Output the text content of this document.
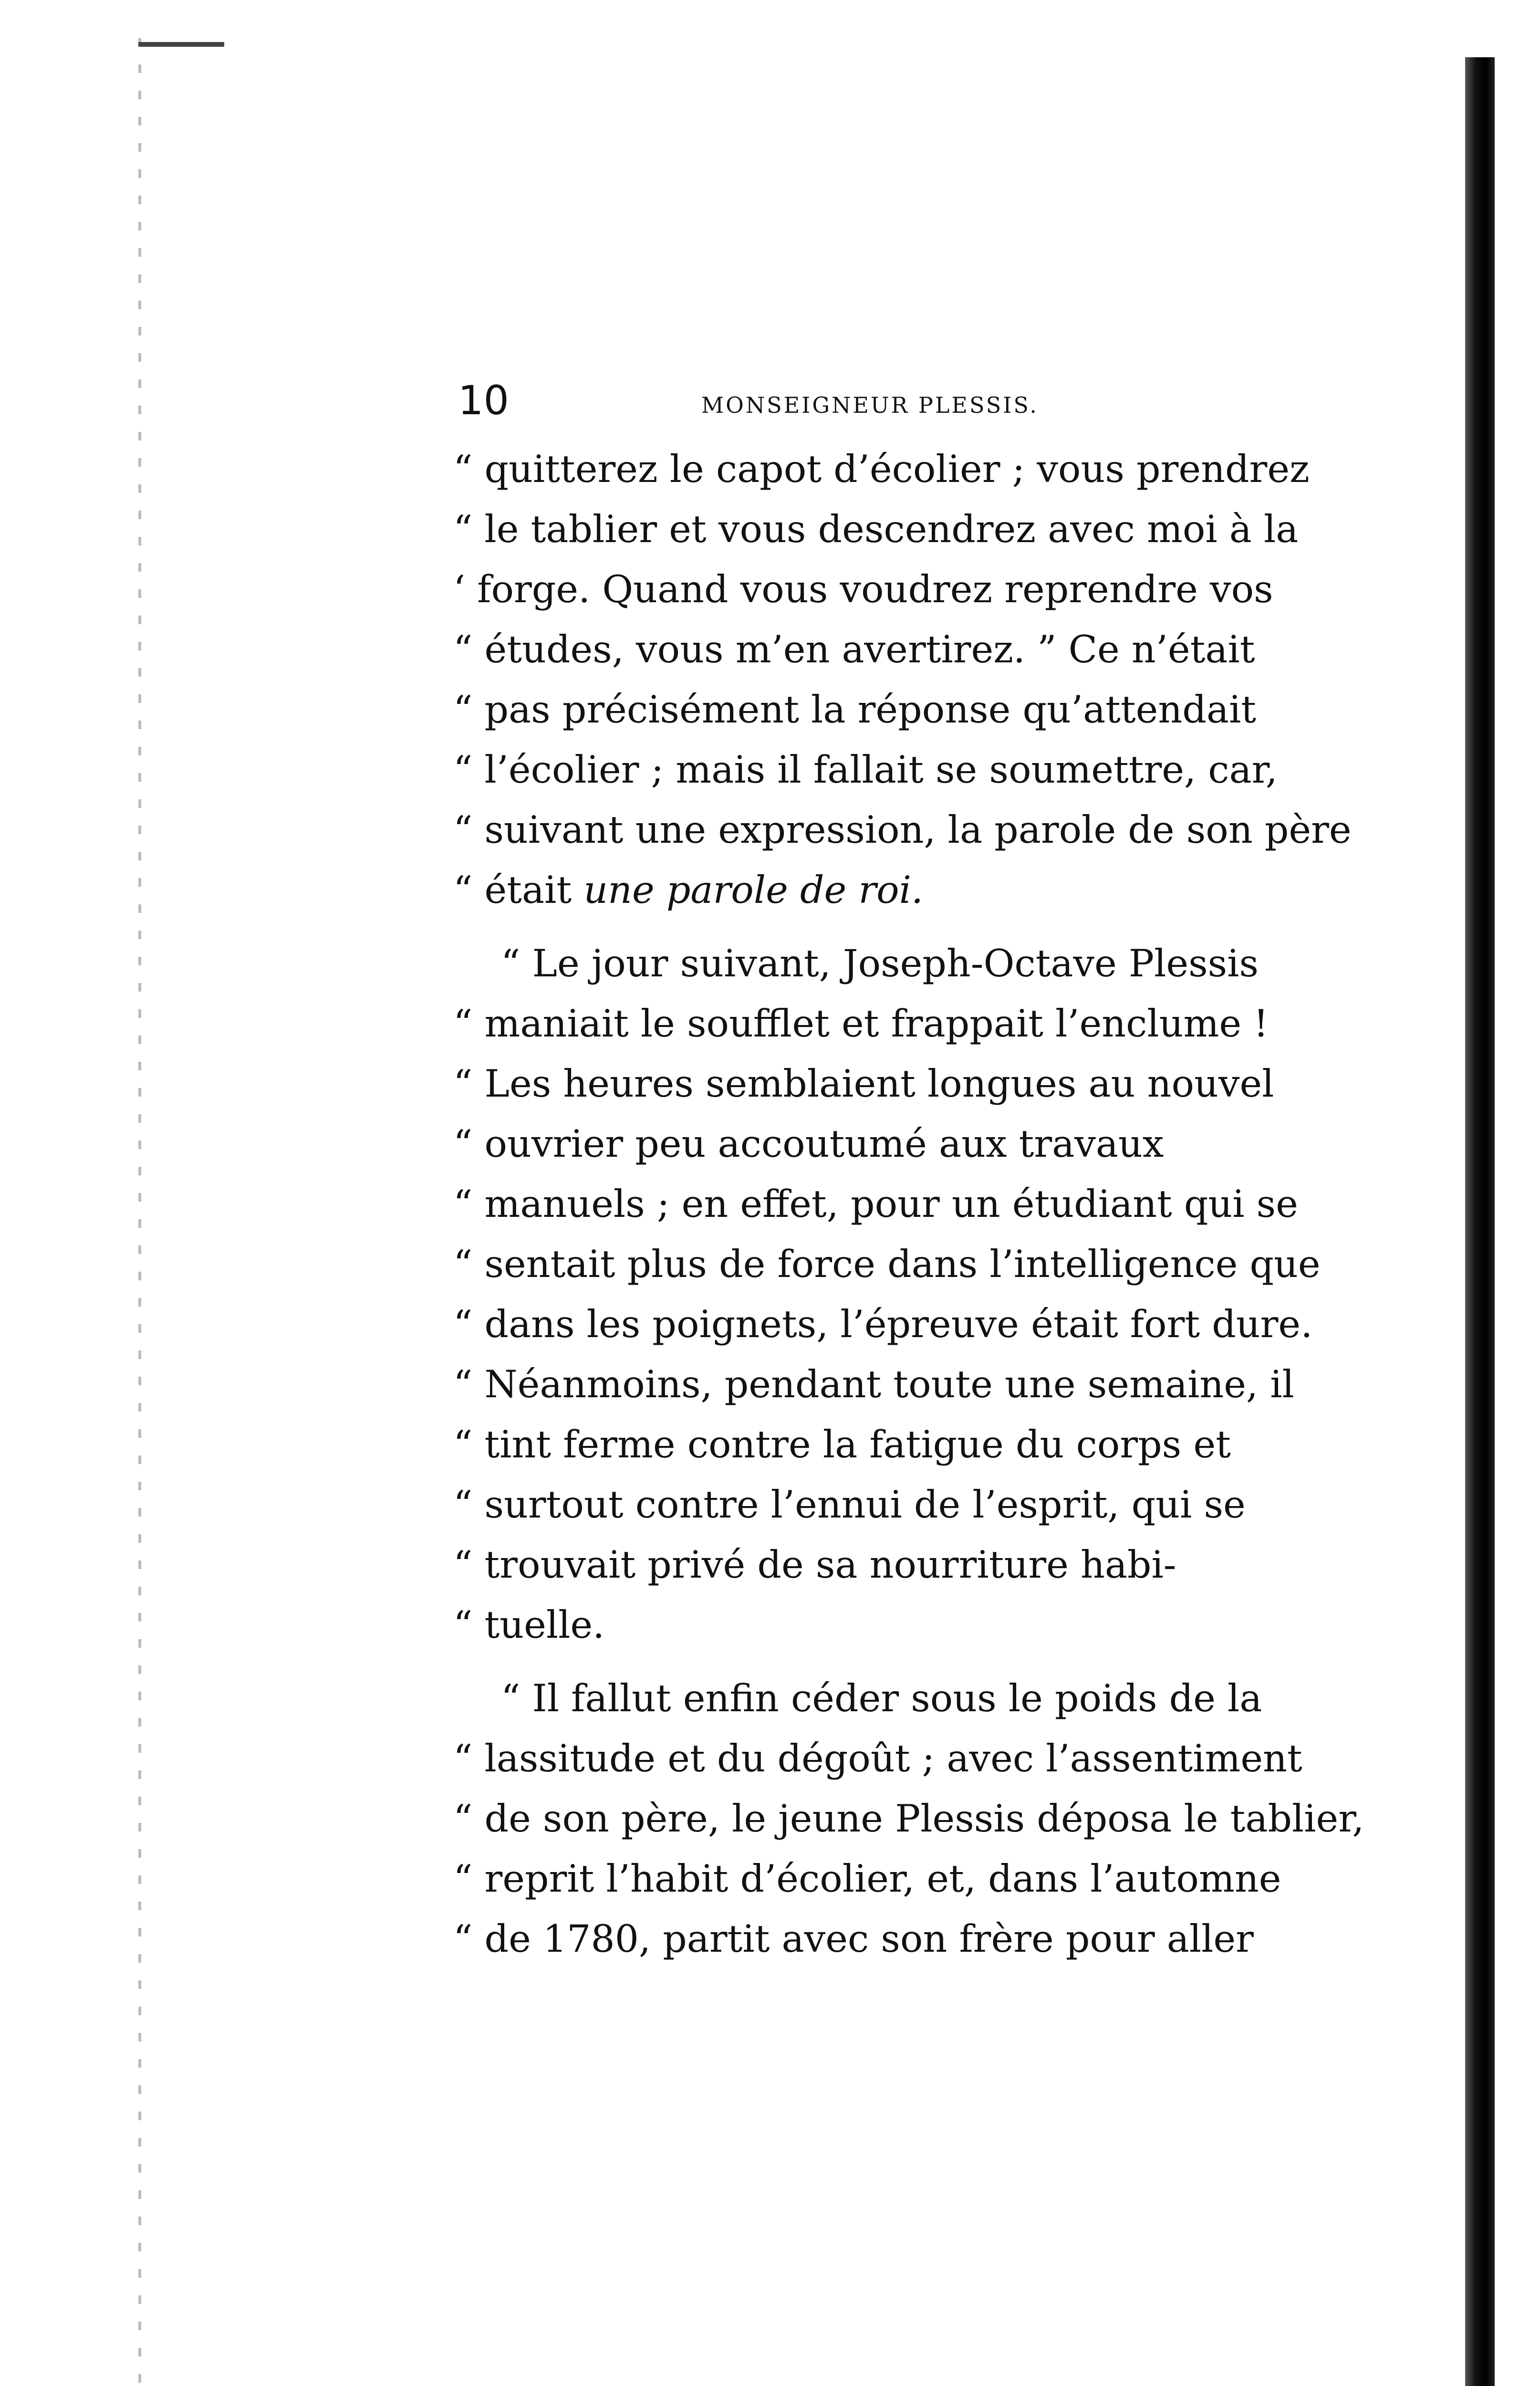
10	MONSEIGNEUR PLESSIS.
“ quitterez le capot d’écolier ; vous prendrez
“ le tablier et vous descendrez avec moi à la
‘ forge. Quand vous voudrez reprendre vos
“ études, vous m’en avertirez. ” Ce n’était
“ pas précisément la réponse qu’attendait
“ l’écolier ; mais il fallait se soumettre, car,
“ suivant une expression, la parole de son père
“ était une parole de roi.
“ Le jour suivant, Joseph-Octave Plessis
“ maniait le soufflet et frappait l’enclume !
“ Les heures semblaient longues au nouvel
“ ouvrier peu accoutumé aux travaux
“ manuels ; en effet, pour un étudiant qui se
“ sentait plus de force dans l’intelligence que
“ dans les poignets, l’épreuve était fort dure.
“ Néanmoins, pendant toute une semaine, il
“ tint ferme contre la fatigue du corps et
“ surtout contre l’ennui de l’esprit, qui se
“ trouvait privé de sa nourriture habi-
“ tuelle.
“ Il fallut enfin céder sous le poids de la
“ lassitude et du dégoût ; avec l’assentiment
“ de son père, le jeune Plessis déposa le tablier,
“ reprit l’habit d’écolier, et, dans l’automne
“ de 1780, partit avec son frère pour aller
